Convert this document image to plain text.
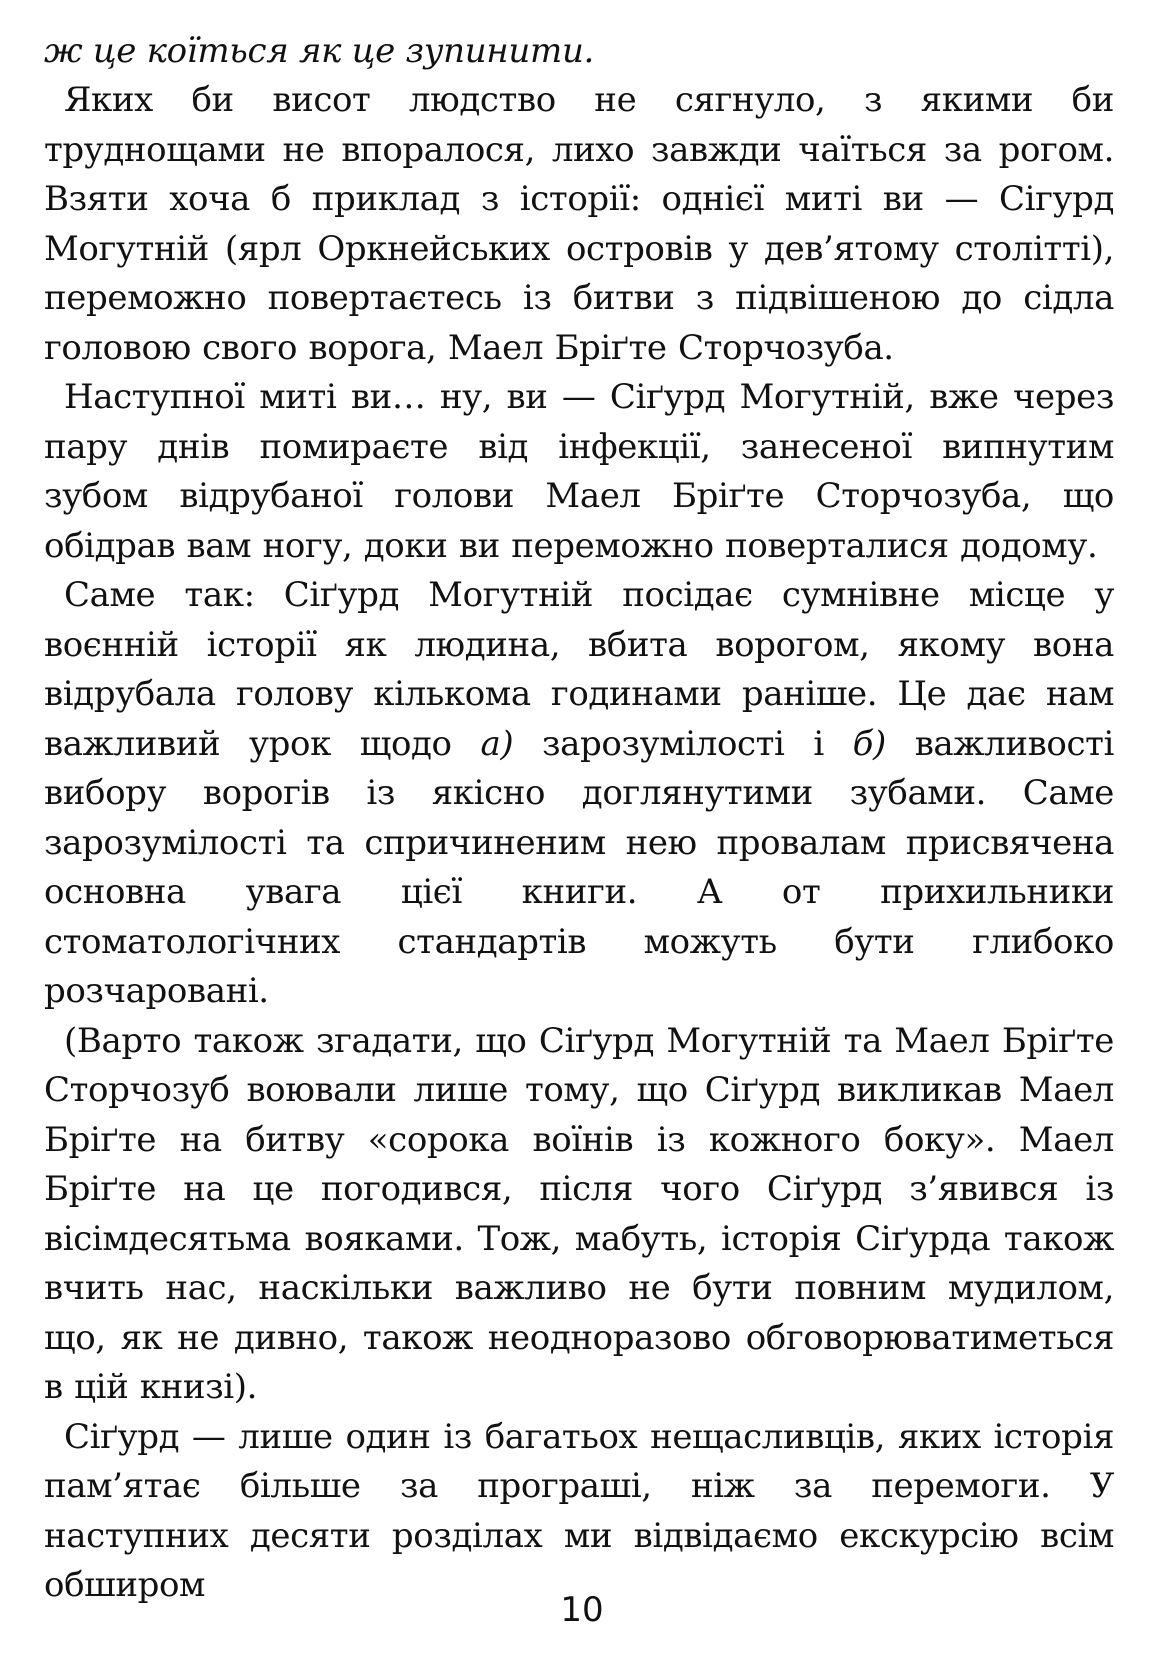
ж це коїться як це зупинити.

Яких би висот людство не сягнуло, з якими би труднощами не впоралося, лихо завжди чаїться за рогом. Взяти хоча б приклад з історії: однієї миті ви — Сігурд Могутній (ярл Оркнейських островів у дев’ятому столітті), переможно повертаєтесь із битви з підвішеною до сідла головою свого ворога, Маел Бріґте Сторчозуба.

Наступної миті ви… ну, ви — Сіґурд Могутній, вже через пару днів помираєте від інфекції, занесеної випнутим зубом відрубаної голови Маел Бріґте Сторчозуба, що обідрав вам ногу, доки ви переможно поверталися додому.

Саме так: Сіґурд Могутній посідає сумнівне місце у воєнній історії як людина, вбита ворогом, якому вона відрубала голову кількома годинами раніше. Це дає нам важливий урок щодо а) зарозумілості і б) важливості вибору ворогів із якісно доглянутими зубами. Саме зарозумілості та спричиненим нею провалам присвячена основна увага цієї книги. А от прихильники стоматологічних стандартів можуть бути глибоко розчаровані.

(Варто також згадати, що Сіґурд Могутній та Маел Бріґте Сторчозуб воювали лише тому, що Сіґурд викликав Маел Бріґте на битву «сорока воїнів із кожного боку». Маел Бріґте на це погодився, після чого Сіґурд з’явився із вісімдесятьма вояками. Тож, мабуть, історія Сіґурда також вчить нас, наскільки важливо не бути повним мудилом, що, як не дивно, також неодноразово обговорюватиметься в цій книзі).

Сіґурд — лише один із багатьох нещасливців, яких історія пам’ятає більше за програші, ніж за перемоги. У наступних десяти розділах ми відвідаємо екскурсію всім обширом

10
